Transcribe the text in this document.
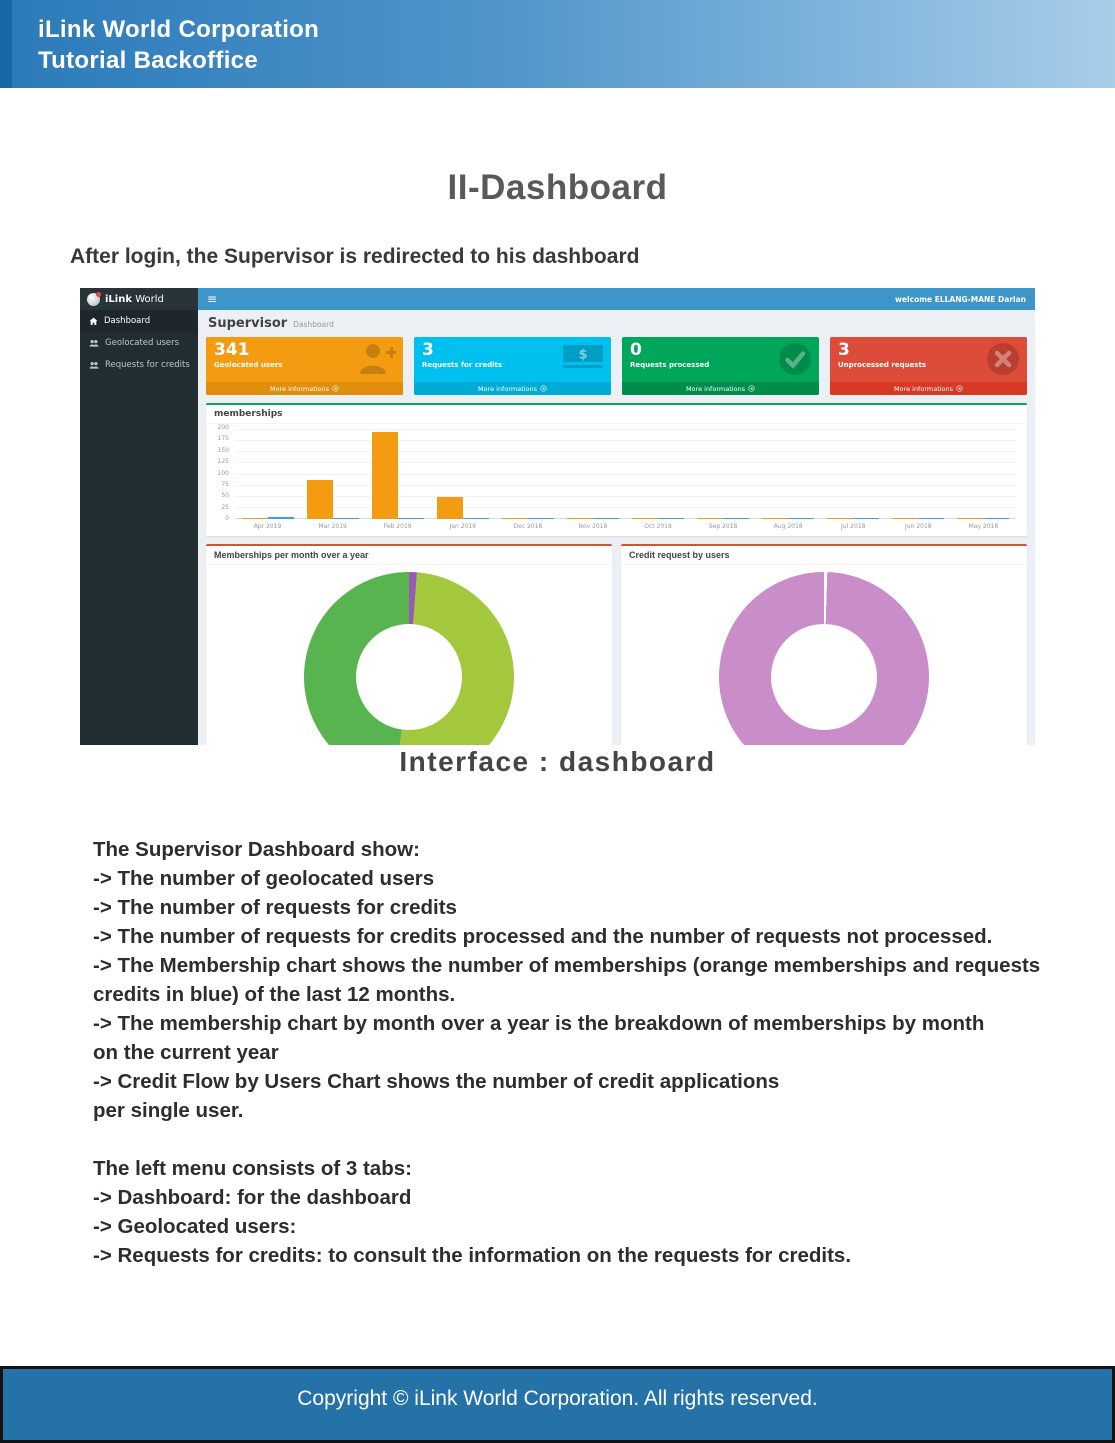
iLink World Corporation
Tutorial Backoffice
II-Dashboard
After login, the Supervisor is redirected to his dashboard
iLink World	≡	welcome ELLANG-MANE Darlan
Dashboard
Geolocated users
Requests for credits
Supervisor Dashboard
341
Geolocated users
More informations
3
Requests for credits
$
More informations
0
Requests processed
More informations
3
Unprocessed requests
More informations
memberships
0
25
50
75
100
125
150
175
200
Apr 2019	Mar 2019	Feb 2019	Jan 2019	Dec 2018	Nov 2018	Oct 2018	Sep 2018	Aug 2018	Jul 2018	Jun 2018	May 2018
Memberships per month over a year	Credit request by users
Interface : dashboard
The Supervisor Dashboard show:
-> The number of geolocated users
-> The number of requests for credits
-> The number of requests for credits processed and the number of requests not processed.
-> The Membership chart shows the number of memberships (orange memberships and requests
credits in blue) of the last 12 months.
-> The membership chart by month over a year is the breakdown of memberships by month
on the current year
-> Credit Flow by Users Chart shows the number of credit applications
per single user.
The left menu consists of 3 tabs:
-> Dashboard: for the dashboard
-> Geolocated users:
-> Requests for credits: to consult the information on the requests for credits.
Copyright © iLink World Corporation. All rights reserved.
